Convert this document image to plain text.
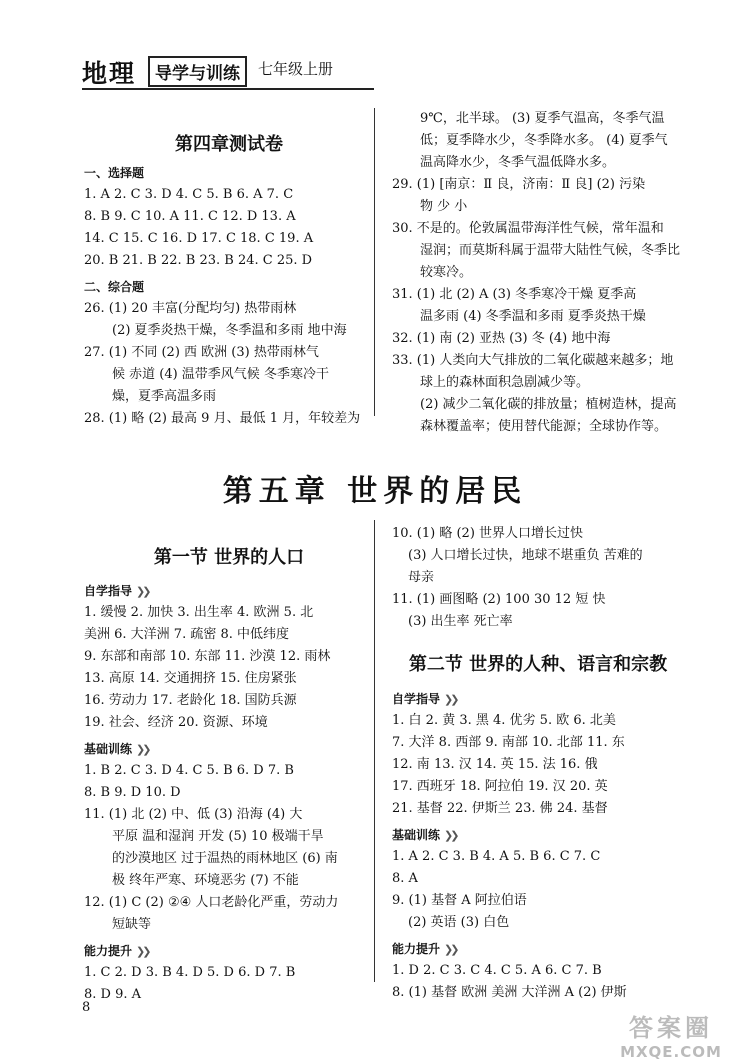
地理	导学与训练	七年级上册
第四章测试卷
一、选择题
1. A 2. C 3. D 4. C 5. B 6. A 7. C
8. B 9. C 10. A 11. C 12. D 13. A
14. C 15. C 16. D 17. C 18. C 19. A
20. B 21. B 22. B 23. B 24. C 25. D
二、综合题
26. (1) 20 丰富(分配均匀) 热带雨林
(2) 夏季炎热干燥，冬季温和多雨 地中海
27. (1) 不同 (2) 西 欧洲 (3) 热带雨林气
候 赤道 (4) 温带季风气候 冬季寒冷干
燥，夏季高温多雨
28. (1) 略 (2) 最高 9 月、最低 1 月，年较差为
9℃，北半球。 (3) 夏季气温高，冬季气温
低；夏季降水少，冬季降水多。 (4) 夏季气
温高降水少，冬季气温低降水多。
29. (1) [南京：Ⅱ 良，济南：Ⅱ 良] (2) 污染
物 少 小
30. 不是的。伦敦属温带海洋性气候，常年温和
湿润；而莫斯科属于温带大陆性气候，冬季比
较寒冷。
31. (1) 北 (2) A (3) 冬季寒冷干燥 夏季高
温多雨 (4) 冬季温和多雨 夏季炎热干燥
32. (1) 南 (2) 亚热 (3) 冬 (4) 地中海
33. (1) 人类向大气排放的二氧化碳越来越多；地
球上的森林面积急剧减少等。
(2) 减少二氧化碳的排放量；植树造林，提高
森林覆盖率；使用替代能源；全球协作等。
第五章 世界的居民
第一节 世界的人口
自学指导 ❯❯
1. 缓慢 2. 加快 3. 出生率 4. 欧洲 5. 北
美洲 6. 大洋洲 7. 疏密 8. 中低纬度
9. 东部和南部 10. 东部 11. 沙漠 12. 雨林
13. 高原 14. 交通拥挤 15. 住房紧张
16. 劳动力 17. 老龄化 18. 国防兵源
19. 社会、经济 20. 资源、环境
基础训练 ❯❯
1. B 2. C 3. D 4. C 5. B 6. D 7. B
8. B 9. D 10. D
11. (1) 北 (2) 中、低 (3) 沿海 (4) 大
平原 温和湿润 开发 (5) 10 极端干旱
的沙漠地区 过于温热的雨林地区 (6) 南
极 终年严寒、环境恶劣 (7) 不能
12. (1) C (2) ②④ 人口老龄化严重，劳动力
短缺等
能力提升 ❯❯
1. C 2. D 3. B 4. D 5. D 6. D 7. B
8. D 9. A
10. (1) 略 (2) 世界人口增长过快
(3) 人口增长过快，地球不堪重负 苦难的
母亲
11. (1) 画图略 (2) 100 30 12 短 快
(3) 出生率 死亡率
第二节 世界的人种、语言和宗教
自学指导 ❯❯
1. 白 2. 黄 3. 黑 4. 优劣 5. 欧 6. 北美
7. 大洋 8. 西部 9. 南部 10. 北部 11. 东
12. 南 13. 汉 14. 英 15. 法 16. 俄
17. 西班牙 18. 阿拉伯 19. 汉 20. 英
21. 基督 22. 伊斯兰 23. 佛 24. 基督
基础训练 ❯❯
1. A 2. C 3. B 4. A 5. B 6. C 7. C
8. A
9. (1) 基督 A 阿拉伯语
(2) 英语 (3) 白色
能力提升 ❯❯
1. D 2. C 3. C 4. C 5. A 6. C 7. B
8. (1) 基督 欧洲 美洲 大洋洲 A (2) 伊斯
8
答案圈
MXQE.COM
